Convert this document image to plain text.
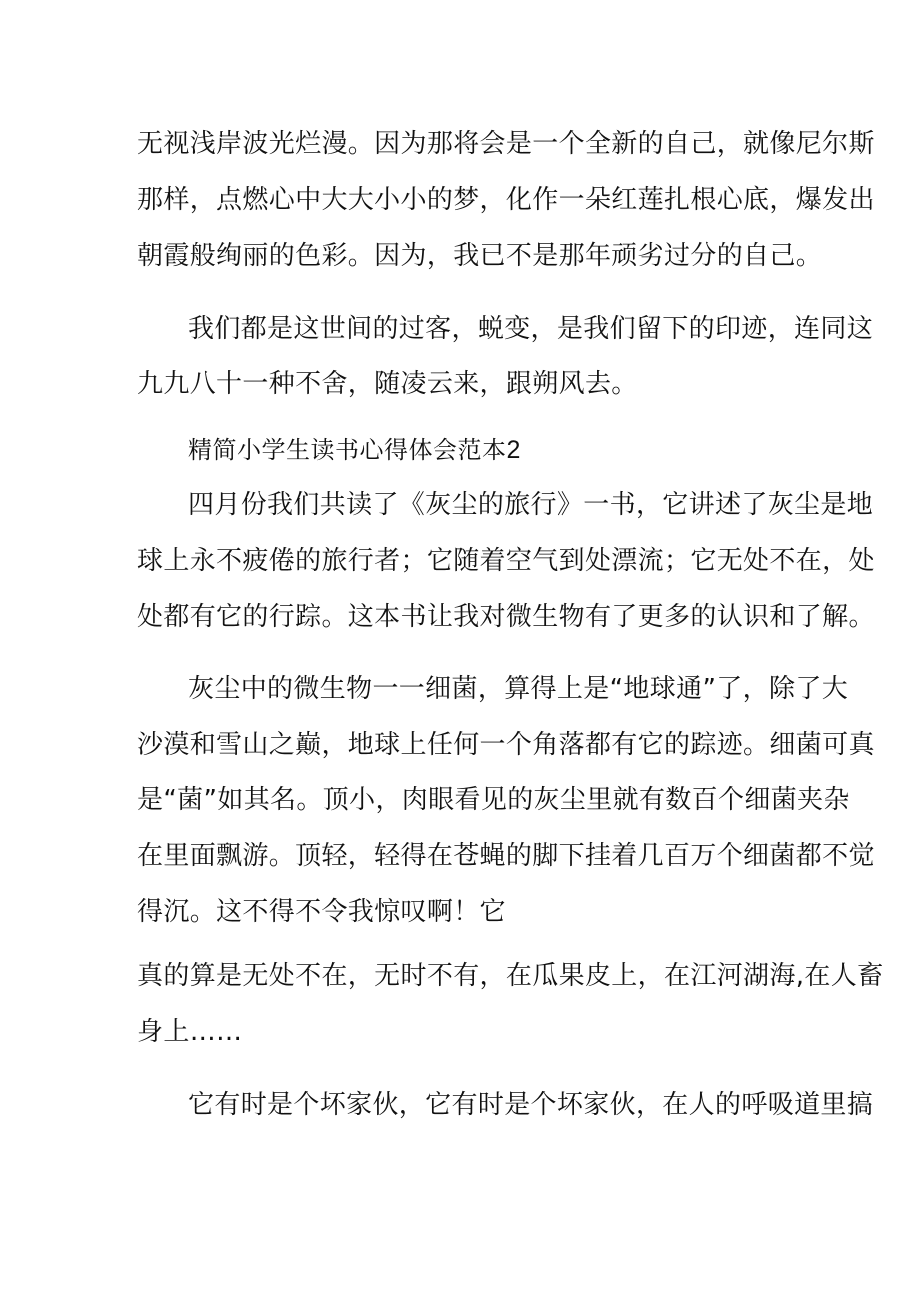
无视浅岸波光烂漫。因为那将会是一个全新的自己，就像尼尔斯
那样，点燃心中大大小小的梦，化作一朵红莲扎根心底，爆发出
朝霞般绚丽的色彩。因为，我已不是那年顽劣过分的自己。
我们都是这世间的过客，蜕变，是我们留下的印迹，连同这
九九八十一种不舍，随凌云来，跟朔风去。
精简小学生读书心得体会范本2
四月份我们共读了《灰尘的旅行》一书，它讲述了灰尘是地
球上永不疲倦的旅行者；它随着空气到处漂流；它无处不在，处
处都有它的行踪。这本书让我对微生物有了更多的认识和了解。
灰尘中的微生物一一细菌，算得上是“地球通”了，除了大
沙漠和雪山之巅，地球上任何一个角落都有它的踪迹。细菌可真
是“菌”如其名。顶小，肉眼看见的灰尘里就有数百个细菌夹杂
在里面飘游。顶轻，轻得在苍蝇的脚下挂着几百万个细菌都不觉
得沉。这不得不令我惊叹啊！它
真的算是无处不在，无时不有，在瓜果皮上，在江河湖海,在人畜
身上……
它有时是个坏家伙，它有时是个坏家伙，在人的呼吸道里搞
